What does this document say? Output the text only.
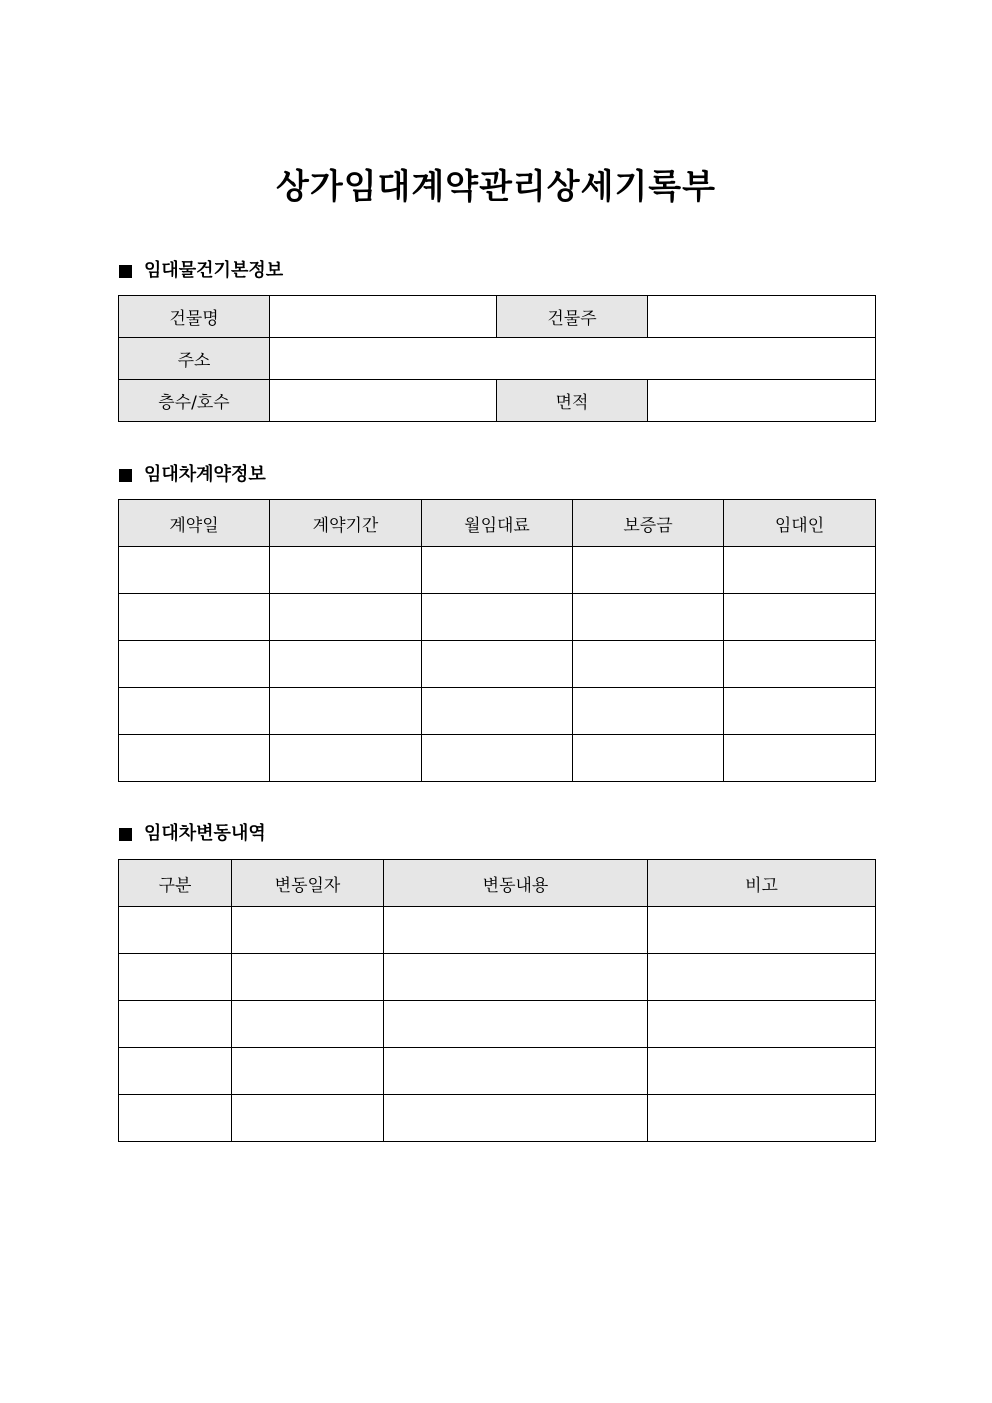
상가임대계약관리상세기록부
임대물건기본정보
건물명		건물주	
주소			
층수/호수		면적	
임대차계약정보
계약일	계약기간	월임대료	보증금	임대인

임대차변동내역
구분	변동일자	변동내용	비고
